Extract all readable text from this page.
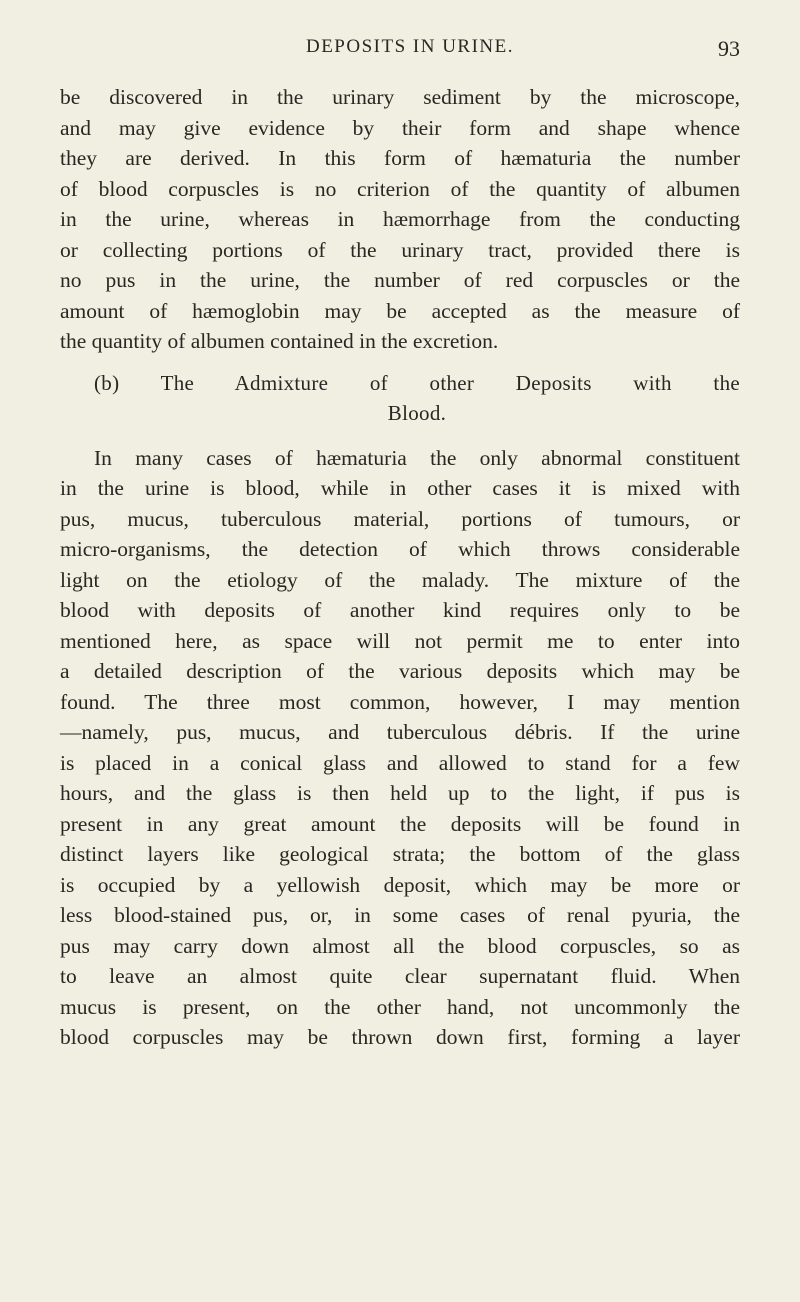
DEPOSITS IN URINE.	93
be discovered in the urinary sediment by the microscope,
and may give evidence by their form and shape whence
they are derived. In this form of hæmaturia the number
of blood corpuscles is no criterion of the quantity of albumen
in the urine, whereas in hæmorrhage from the conducting
or collecting portions of the urinary tract, provided there is
no pus in the urine, the number of red corpuscles or the
amount of hæmoglobin may be accepted as the measure of
the quantity of albumen contained in the excretion.
(b) The Admixture of other Deposits with the
Blood.
In many cases of hæmaturia the only abnormal constituent
in the urine is blood, while in other cases it is mixed with
pus, mucus, tuberculous material, portions of tumours, or
micro-organisms, the detection of which throws considerable
light on the etiology of the malady. The mixture of the
blood with deposits of another kind requires only to be
mentioned here, as space will not permit me to enter into
a detailed description of the various deposits which may be
found. The three most common, however, I may mention
—namely, pus, mucus, and tuberculous débris. If the urine
is placed in a conical glass and allowed to stand for a few
hours, and the glass is then held up to the light, if pus is
present in any great amount the deposits will be found in
distinct layers like geological strata; the bottom of the glass
is occupied by a yellowish deposit, which may be more or
less blood-stained pus, or, in some cases of renal pyuria, the
pus may carry down almost all the blood corpuscles, so as
to leave an almost quite clear supernatant fluid. When
mucus is present, on the other hand, not uncommonly the
blood corpuscles may be thrown down first, forming a layer
